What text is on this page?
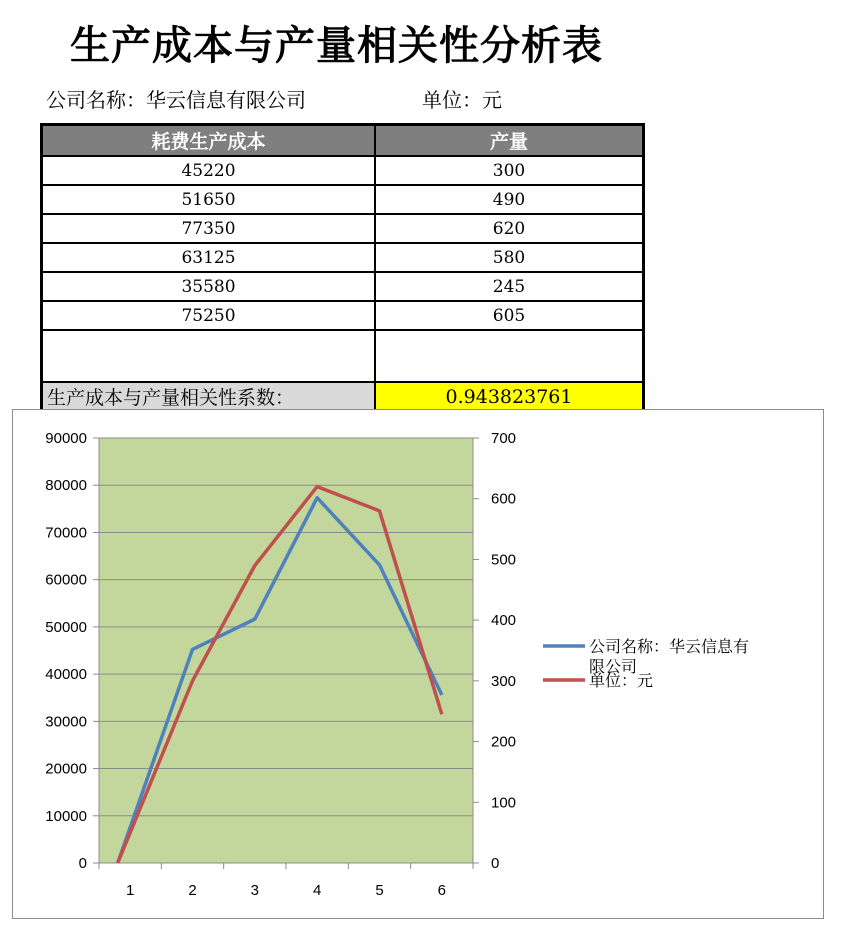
生产成本与产量相关性分析表
公司名称：华云信息有限公司	单位：元
耗费生产成本	产量
45220	300
51650	490
77350	620
63125	580
35580	245
75250	605

生产成本与产量相关性系数：	0.943823761
0
10000
20000
30000
40000
50000
60000
70000
80000
90000
0
100
200
300
400
500
600
700
1	2	3	4	5	6
公司名称：华云信息有限公司
单位：元
